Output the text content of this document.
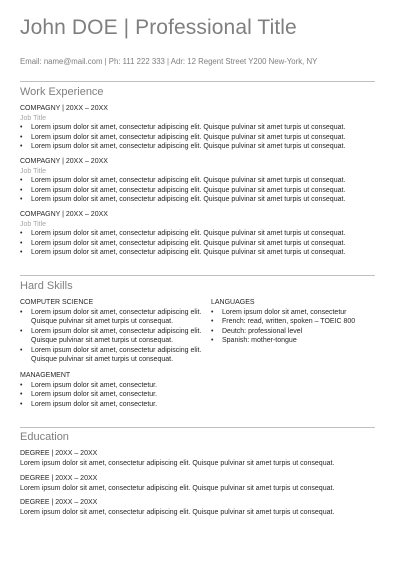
John DOE | Professional Title
Email: name@mail.com | Ph: 111 222 333 | Adr: 12 Regent Street Y200 New-York, NY
Work Experience
COMPAGNY | 20XX – 20XX
Job Title
• Lorem ipsum dolor sit amet, consectetur adipiscing elit. Quisque pulvinar sit amet turpis ut consequat.
• Lorem ipsum dolor sit amet, consectetur adipiscing elit. Quisque pulvinar sit amet turpis ut consequat.
• Lorem ipsum dolor sit amet, consectetur adipiscing elit. Quisque pulvinar sit amet turpis ut consequat.
COMPAGNY | 20XX – 20XX
Job Title
• Lorem ipsum dolor sit amet, consectetur adipiscing elit. Quisque pulvinar sit amet turpis ut consequat.
• Lorem ipsum dolor sit amet, consectetur adipiscing elit. Quisque pulvinar sit amet turpis ut consequat.
• Lorem ipsum dolor sit amet, consectetur adipiscing elit. Quisque pulvinar sit amet turpis ut consequat.
COMPAGNY | 20XX – 20XX
Job Title
• Lorem ipsum dolor sit amet, consectetur adipiscing elit. Quisque pulvinar sit amet turpis ut consequat.
• Lorem ipsum dolor sit amet, consectetur adipiscing elit. Quisque pulvinar sit amet turpis ut consequat.
• Lorem ipsum dolor sit amet, consectetur adipiscing elit. Quisque pulvinar sit amet turpis ut consequat.
Hard Skills
COMPUTER SCIENCE
• Lorem ipsum dolor sit amet, consectetur adipiscing elit. Quisque pulvinar sit amet turpis ut consequat.
• Lorem ipsum dolor sit amet, consectetur adipiscing elit. Quisque pulvinar sit amet turpis ut consequat.
• Lorem ipsum dolor sit amet, consectetur adipiscing elit. Quisque pulvinar sit amet turpis ut consequat.
MANAGEMENT
• Lorem ipsum dolor sit amet, consectetur.
• Lorem ipsum dolor sit amet, consectetur.
• Lorem ipsum dolor sit amet, consectetur.
LANGUAGES
• Lorem ipsum dolor sit amet, consectetur
• French: read, written, spoken – TOEIC 800
• Deutch: professional level
• Spanish: mother-tongue
Education
DEGREE | 20XX – 20XX
Lorem ipsum dolor sit amet, consectetur adipiscing elit. Quisque pulvinar sit amet turpis ut consequat.
DEGREE | 20XX – 20XX
Lorem ipsum dolor sit amet, consectetur adipiscing elit. Quisque pulvinar sit amet turpis ut consequat.
DEGREE | 20XX – 20XX
Lorem ipsum dolor sit amet, consectetur adipiscing elit. Quisque pulvinar sit amet turpis ut consequat.
